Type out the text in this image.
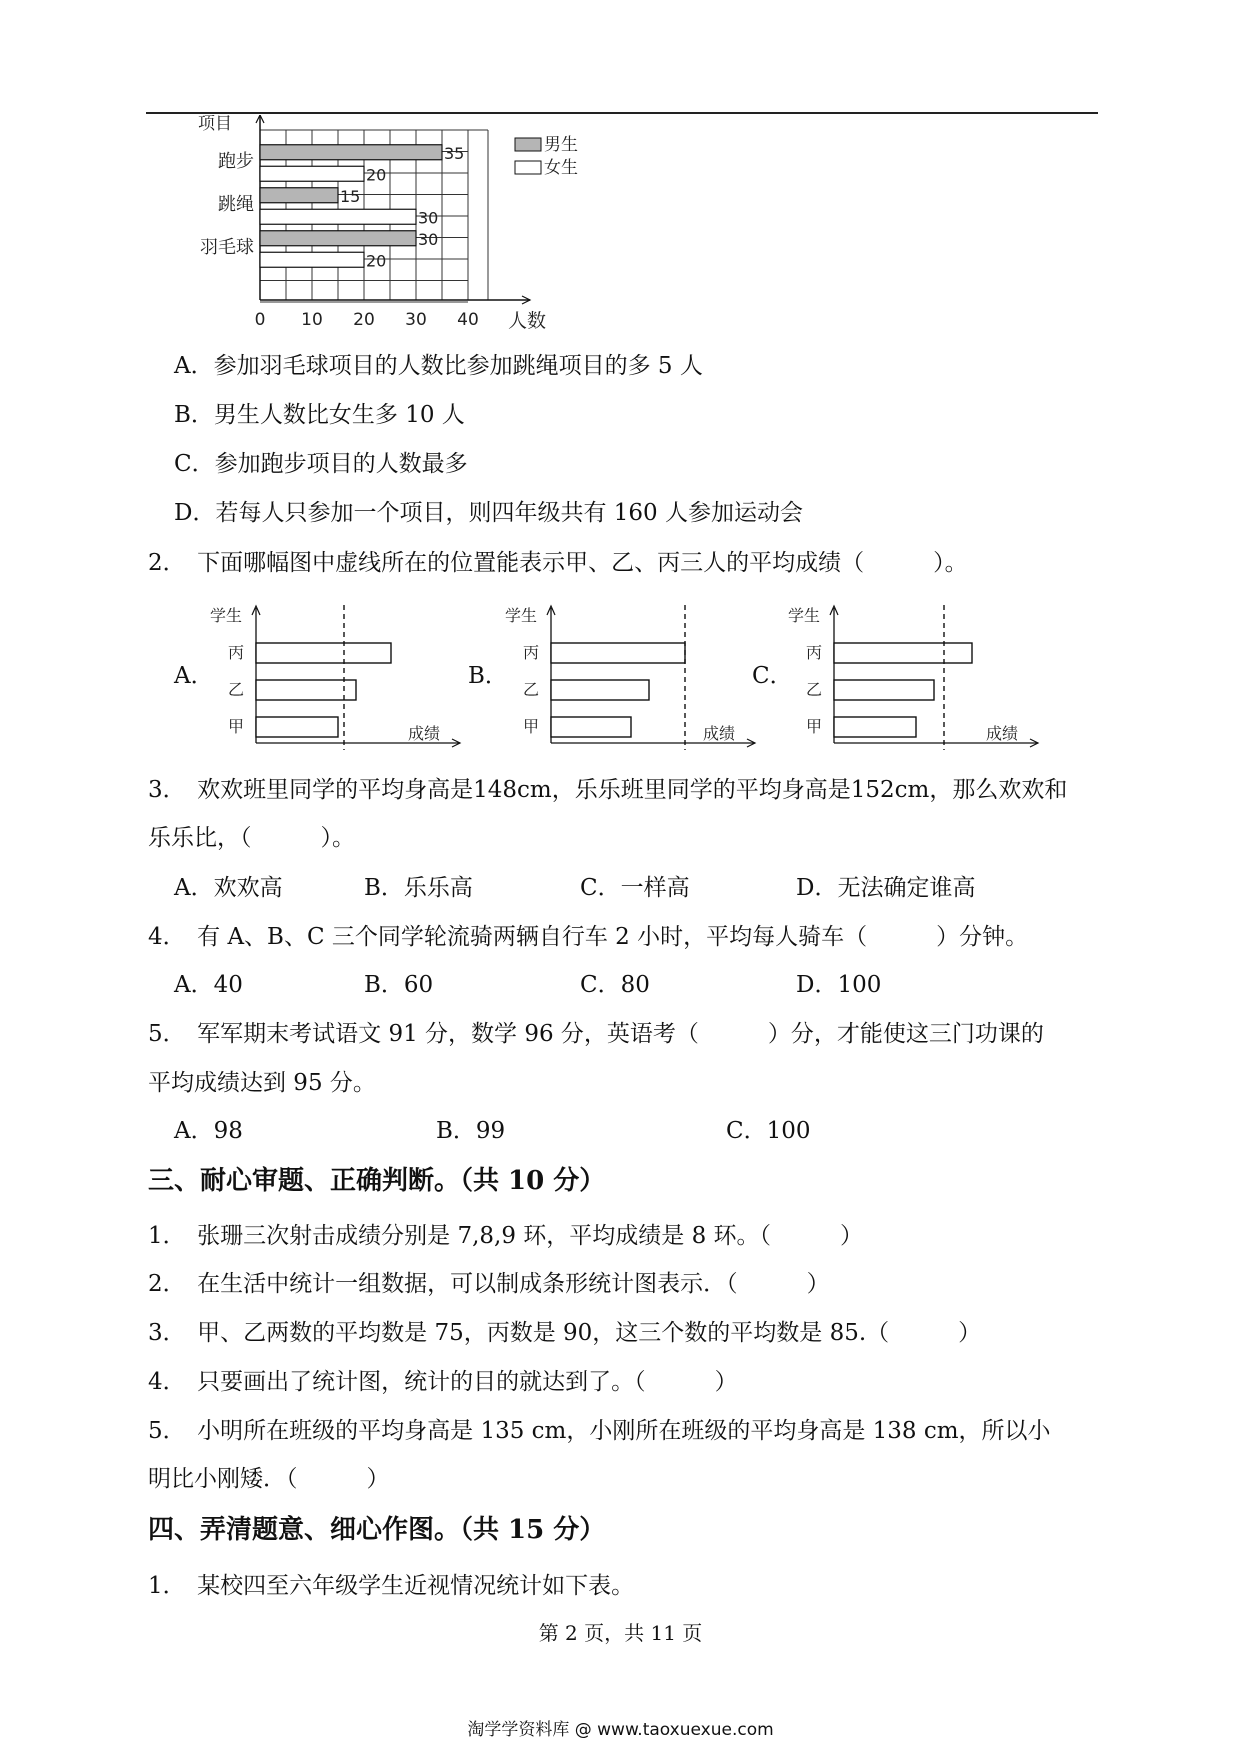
项目
人数
0 10 20 30 40
35
20
跑步
15
30
跳绳
30
20
羽毛球
男生
女生
A．参加羽毛球项目的人数比参加跳绳项目的多 5 人
B．男生人数比女生多 10 人
C．参加跑步项目的人数最多
D．若每人只参加一个项目，则四年级共有 160 人参加运动会
2．　下面哪幅图中虚线所在的位置能表示甲、乙、丙三人的平均成绩（　　　）。
A．	B．	C．
学生
成绩
丙
乙
甲
学生
成绩
丙
乙
甲
学生
成绩
丙
乙
甲
3．　欢欢班里同学的平均身高是148cm，乐乐班里同学的平均身高是152cm，那么欢欢和
乐乐比，（　　　）。
A．欢欢高	B．乐乐高	C．一样高	D．无法确定谁高
4．　有 A、B、C 三个同学轮流骑两辆自行车 2 小时，平均每人骑车（　　　）分钟。
A．40	B．60	C．80	D．100
5．　军军期末考试语文 91 分，数学 96 分，英语考（　　　）分，才能使这三门功课的
平均成绩达到 95 分。
A．98	B．99	C．100
三、耐心审题、正确判断。（共 10 分）
1．　张珊三次射击成绩分别是 7,8,9 环，平均成绩是 8 环。（　　　）
2．　在生活中统计一组数据，可以制成条形统计图表示．（　　　）
3．　甲、乙两数的平均数是 75，丙数是 90，这三个数的平均数是 85.（　　　）
4．　只要画出了统计图，统计的目的就达到了。（　　　）
5．　小明所在班级的平均身高是 135 cm，小刚所在班级的平均身高是 138 cm，所以小
明比小刚矮．（　　　）
四、弄清题意、细心作图。（共 15 分）
1．　某校四至六年级学生近视情况统计如下表。
第 2 页，共 11 页
淘学学资料库 @ www.taoxuexue.com
